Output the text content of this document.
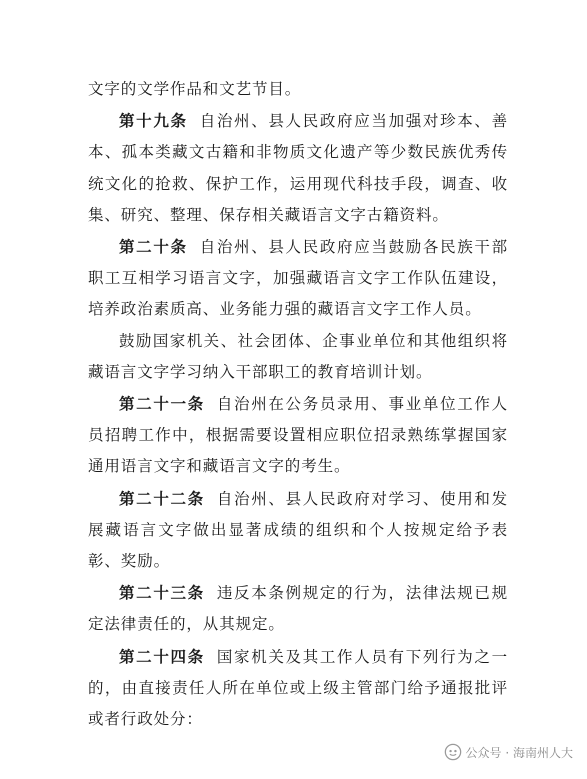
文字的文学作品和文艺节目。

第十九条 自治州、县人民政府应当加强对珍本、善本、孤本类藏文古籍和非物质文化遗产等少数民族优秀传统文化的抢救、保护工作，运用现代科技手段，调查、收集、研究、整理、保存相关藏语言文字古籍资料。

第二十条 自治州、县人民政府应当鼓励各民族干部职工互相学习语言文字，加强藏语言文字工作队伍建设，培养政治素质高、业务能力强的藏语言文字工作人员。

鼓励国家机关、社会团体、企事业单位和其他组织将藏语言文字学习纳入干部职工的教育培训计划。

第二十一条 自治州在公务员录用、事业单位工作人员招聘工作中，根据需要设置相应职位招录熟练掌握国家通用语言文字和藏语言文字的考生。

第二十二条 自治州、县人民政府对学习、使用和发展藏语言文字做出显著成绩的组织和个人按规定给予表彰、奖励。

第二十三条 违反本条例规定的行为，法律法规已规定法律责任的，从其规定。

第二十四条 国家机关及其工作人员有下列行为之一的，由直接责任人所在单位或上级主管部门给予通报批评或者行政处分：

公众号 · 海南州人大
